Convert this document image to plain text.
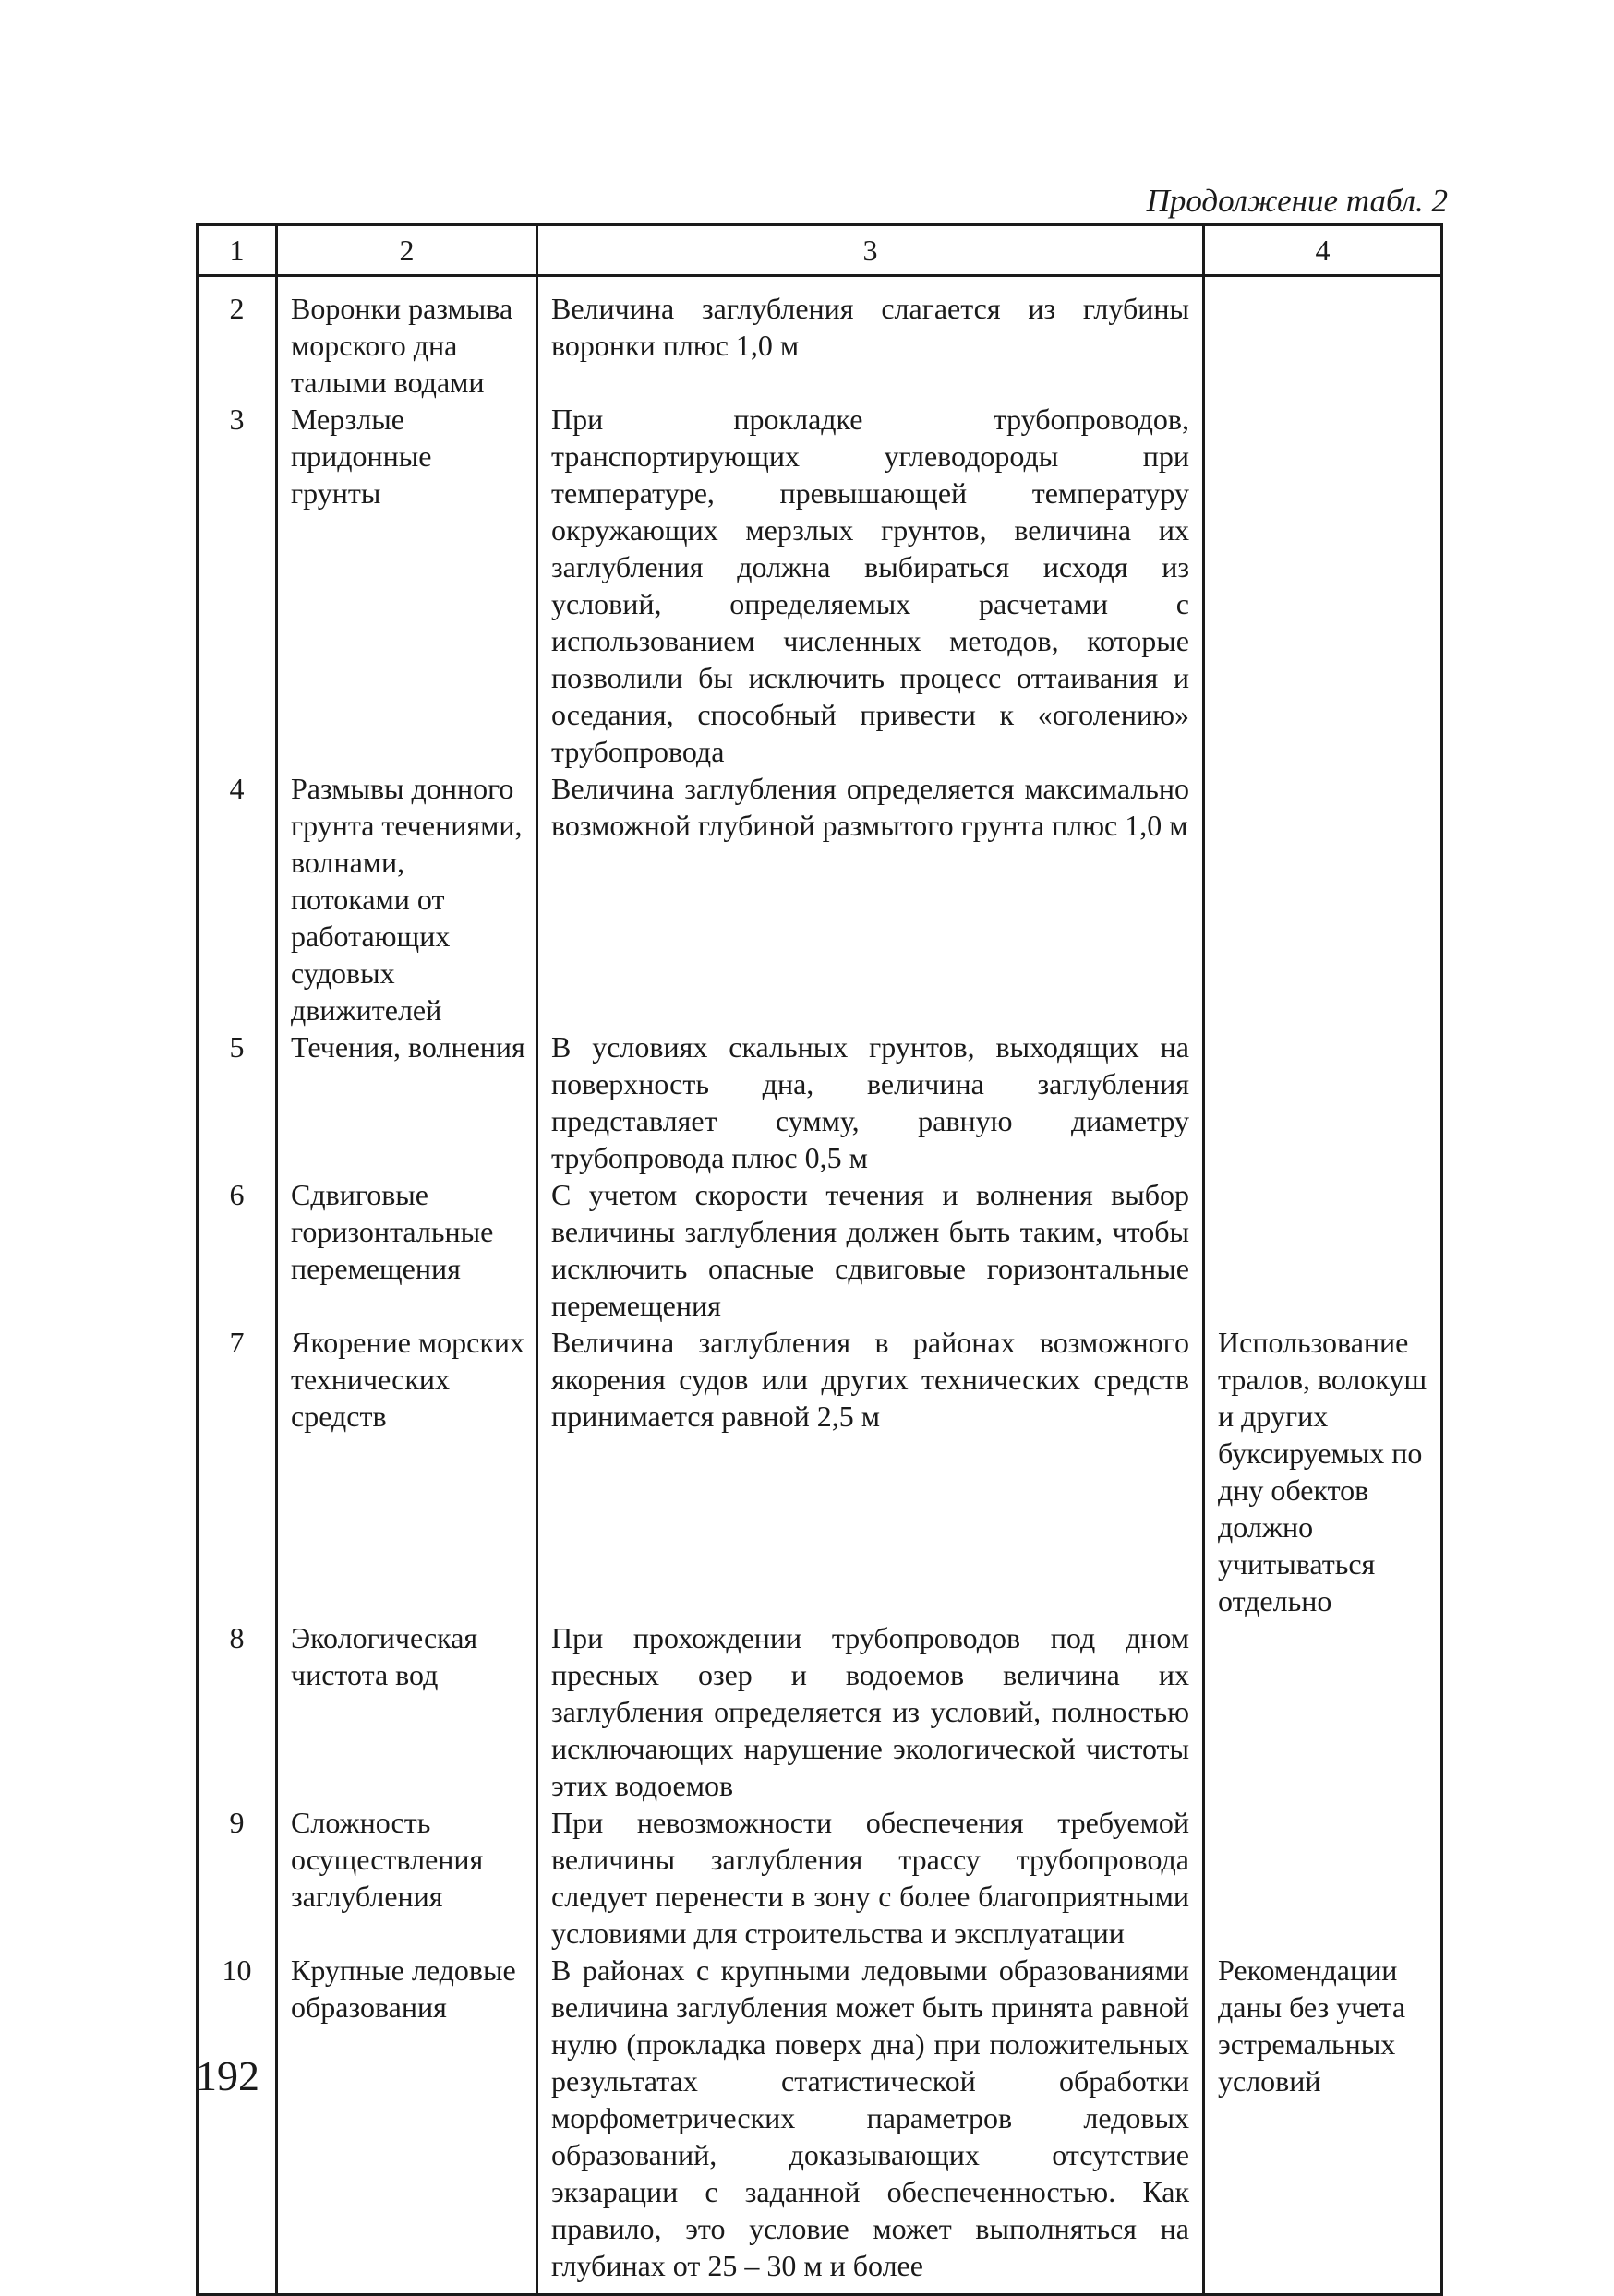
Продолжение табл. 2
1	2	3	4
2	Воронки размыва морского дна талыми водами	Величина заглубления слагается из глубины воронки плюс 1,0 м	
3	Мерзлые придонные грунты	При прокладке трубопроводов, транспортирующих углеводороды при температуре, превышающей температуру окружающих мерзлых грунтов, величина их заглубления должна выбираться исходя из условий, определяемых расчетами с использованием численных методов, которые позволили бы исключить процесс оттаивания и оседания, способный привести к «оголению» трубопровода	
4	Размывы донного грунта течениями, волнами, потоками от работающих судовых движителей	Величина заглубления определяется максимально возможной глубиной размытого грунта плюс 1,0 м	
5	Течения, волнения	В условиях скальных грунтов, выходящих на поверхность дна, величина заглубления представляет сумму, равную диаметру трубопровода плюс 0,5 м	
6	Сдвиговые горизонтальные перемещения	С учетом скорости течения и волнения выбор величины заглубления должен быть таким, чтобы исключить опасные сдвиговые горизонтальные перемещения	
7	Якорение морских технических средств	Величина заглубления в районах возможного якорения судов или других технических средств принимается равной 2,5 м	Использование тралов, волокуш и других буксируемых по дну обектов должно учитываться отдельно
8	Экологическая чистота вод	При прохождении трубопроводов под дном пресных озер и водоемов величина их заглубления определяется из условий, полностью исключающих нарушение экологической чистоты этих водоемов	
9	Сложность осуществления заглубления	При невозможности обеспечения требуемой величины заглубления трассу трубопровода следует перенести в зону с более благоприятными условиями для строительства и эксплуатации	
10	Крупные ледовые образования	В районах с крупными ледовыми образованиями величина заглубления может быть принята равной нулю (прокладка поверх дна) при положительных результатах статистической обработки морфометрических параметров ледовых образований, доказывающих отсутствие экзарации с заданной обеспеченностью. Как правило, это условие может выполняться на глубинах от 25 – 30 м и более	Рекомендации даны без учета эстремальных условий
192
